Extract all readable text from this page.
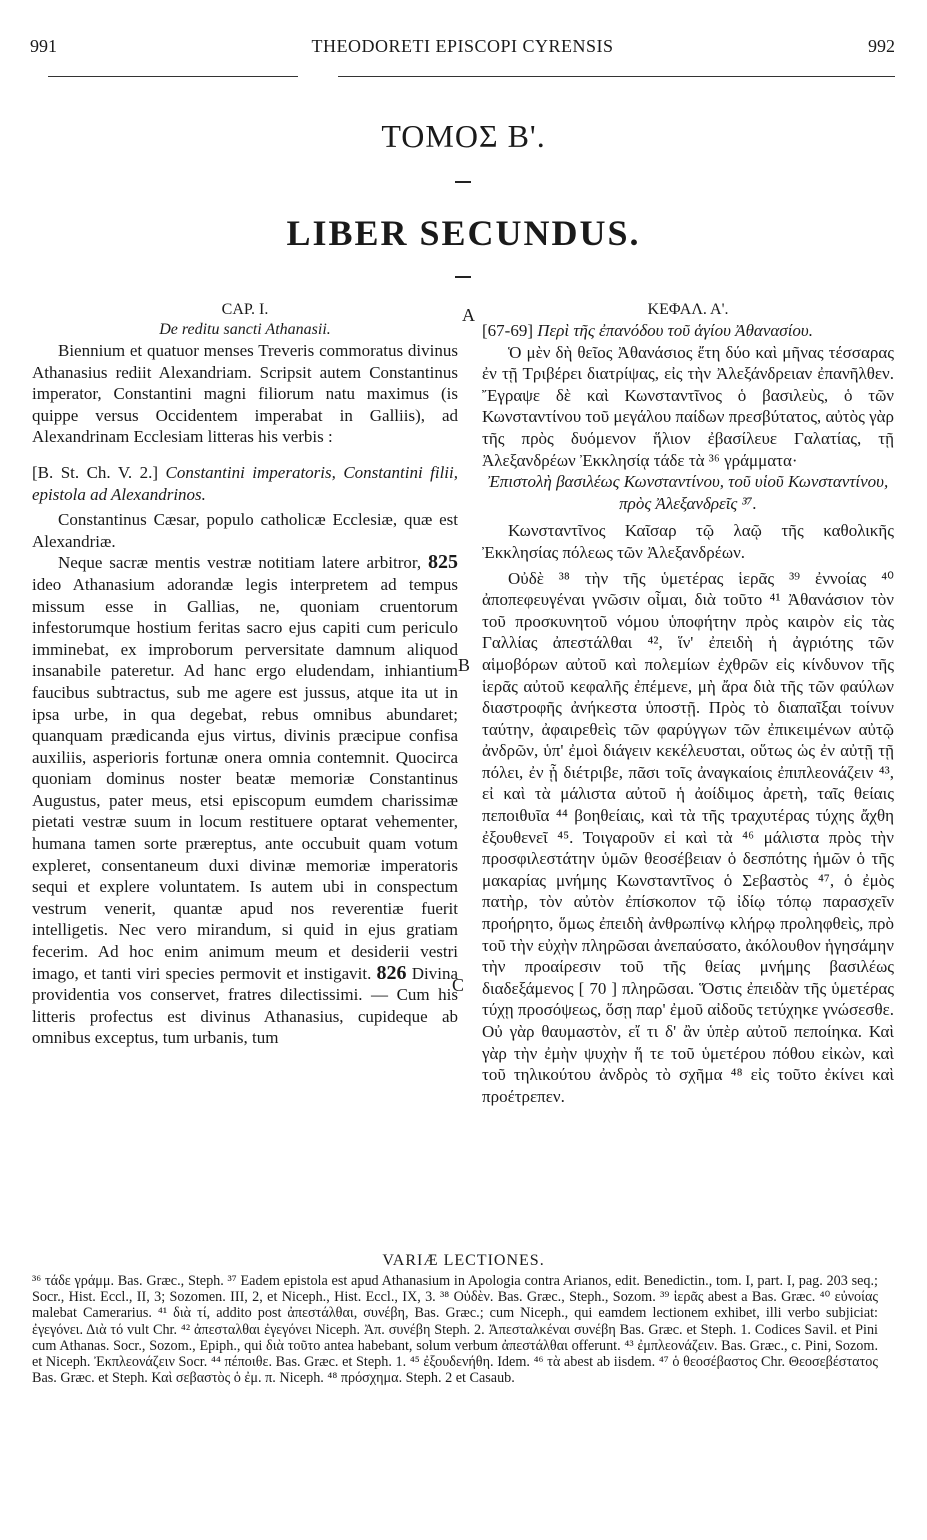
991	THEODORETI EPISCOPI CYRENSIS	992
ΤΟΜΟΣ Β'.
LIBER SECUNDUS.
A
B
C

CAP. I.

De reditu sancti Athanasii.

Biennium et quatuor menses Treveris commoratus divinus Athanasius rediit Alexandriam. Scripsit autem Constantinus imperator, Constantini magni filiorum natu maximus (is quippe versus Occidentem imperabat in Galliis), ad Alexandrinam Ecclesiam litteras his verbis :

[B. St. Ch. V. 2.] Constantini imperatoris, Constantini filii, epistola ad Alexandrinos.

Constantinus Cæsar, populo catholicæ Ecclesiæ, quæ est Alexandriæ.

Neque sacræ mentis vestræ notitiam latere arbitror, 825 ideo Athanasium adorandæ legis interpretem ad tempus missum esse in Gallias, ne, quoniam cruentorum infestorumque hostium feritas sacro ejus capiti cum periculo imminebat, ex improborum perversitate damnum aliquod insanabile pateretur. Ad hanc ergo eludendam, inhiantium faucibus subtractus, sub me agere est jussus, atque ita ut in ipsa urbe, in qua degebat, rebus omnibus abundaret; quanquam prædicanda ejus virtus, divinis præcipue confisa auxiliis, asperioris fortunæ onera omnia contemnit. Quocirca quoniam dominus noster beatæ memoriæ Constantinus Augustus, pater meus, etsi episcopum eumdem charissimæ pietati vestræ suum in locum restituere optarat vehementer, humana tamen sorte præreptus, ante occubuit quam votum expleret, consentaneum duxi divinæ memoriæ imperatoris sequi et explere voluntatem. Is autem ubi in conspectum vestrum venerit, quantæ apud nos reverentiæ fuerit intelligetis. Nec vero mirandum, si quid in ejus gratiam fecerim. Ad hoc enim animum meum et desiderii vestri imago, et tanti viri species permovit et instigavit. 826 Divina providentia vos conservet, fratres dilectissimi. — Cum his litteris profectus est divinus Athanasius, cupideque ab omnibus exceptus, tum urbanis, tum

ΚΕΦΑΛ. Α'.

[67-69] Περὶ τῆς ἐπανόδου τοῦ ἁγίου Ἀθανασίου.

Ὁ μὲν δὴ θεῖος Ἀθανάσιος ἔτη δύο καὶ μῆνας τέσσαρας ἐν τῇ Τριβέρει διατρίψας, εἰς τὴν Ἀλεξάνδρειαν ἐπανῆλθεν. Ἔγραψε δὲ καὶ Κωνσταντῖνος ὁ βασιλεὺς, ὁ τῶν Κωνσταντίνου τοῦ μεγάλου παίδων πρεσβύτατος, αὐτὸς γὰρ τῆς πρὸς δυόμενον ἥλιον ἐβασίλευε Γαλατίας, τῇ Ἀλεξανδρέων Ἐκκλησίᾳ τάδε τὰ ³⁶ γράμματα·

Ἐπιστολὴ βασιλέως Κωνσταντίνου, τοῦ υἱοῦ Κωνσταντίνου, πρὸς Ἀλεξανδρεῖς ³⁷.

Κωνσταντῖνος Καῖσαρ τῷ λαῷ τῆς καθολικῆς Ἐκκλησίας πόλεως τῶν Ἀλεξανδρέων.

Οὐδὲ ³⁸ τὴν τῆς ὑμετέρας ἱερᾶς ³⁹ ἐννοίας ⁴⁰ ἀποπεφευγέναι γνῶσιν οἶμαι, διὰ τοῦτο ⁴¹ Ἀθανάσιον τὸν τοῦ προσκυνητοῦ νόμου ὑποφήτην πρὸς καιρὸν εἰς τὰς Γαλλίας ἀπεστάλθαι ⁴², ἵν' ἐπειδὴ ἡ ἀγριότης τῶν αἱμοβόρων αὐτοῦ καὶ πολεμίων ἐχθρῶν εἰς κίνδυνον τῆς ἱερᾶς αὐτοῦ κεφαλῆς ἐπέμενε, μὴ ἄρα διὰ τῆς τῶν φαύλων διαστροφῆς ἀνήκεστα ὑποστῇ. Πρὸς τὸ διαπαῖξαι τοίνυν ταύτην, ἀφαιρεθεὶς τῶν φαρύγγων τῶν ἐπικειμένων αὐτῷ ἀνδρῶν, ὑπ' ἐμοὶ διάγειν κεκέλευσται, οὕτως ὡς ἐν αὐτῇ τῇ πόλει, ἐν ᾗ διέτριβε, πᾶσι τοῖς ἀναγκαίοις ἐπιπλεονάζειν ⁴³, εἰ καὶ τὰ μάλιστα αὐτοῦ ἡ ἀοίδιμος ἀρετὴ, ταῖς θείαις πεποιθυῖα ⁴⁴ βοηθείαις, καὶ τὰ τῆς τραχυτέρας τύχης ἄχθη ἐξουθενεῖ ⁴⁵. Τοιγαροῦν εἰ καὶ τὰ ⁴⁶ μάλιστα πρὸς τὴν προσφιλεστάτην ὑμῶν θεοσέβειαν ὁ δεσπότης ἡμῶν ὁ τῆς μακαρίας μνήμης Κωνσταντῖνος ὁ Σεβαστὸς ⁴⁷, ὁ ἐμὸς πατὴρ, τὸν αὐτὸν ἐπίσκοπον τῷ ἰδίῳ τόπῳ παρασχεῖν προήρητο, ὅμως ἐπειδὴ ἀνθρωπίνῳ κλήρῳ προληφθεὶς, πρὸ τοῦ τὴν εὐχὴν πληρῶσαι ἀνεπαύσατο, ἀκόλουθον ἡγησάμην τὴν προαίρεσιν τοῦ τῆς θείας μνήμης βασιλέως διαδεξάμενος [ 70 ] πληρῶσαι. Ὅστις ἐπειδὰν τῆς ὑμετέρας τύχῃ προσόψεως, ὅσῃ παρ' ἐμοῦ αἰδοῦς τετύχηκε γνώσεσθε. Οὐ γὰρ θαυμαστὸν, εἴ τι δ' ἂν ὑπὲρ αὐτοῦ πεποίηκα. Καὶ γὰρ τὴν ἐμὴν ψυχὴν ἥ τε τοῦ ὑμετέρου πόθου εἰκὼν, καὶ τοῦ τηλικούτου ἀνδρὸς τὸ σχῆμα ⁴⁸ εἰς τοῦτο ἐκίνει καὶ προέτρεπεν.

VARIÆ LECTIONES.

³⁶ τάδε γράμμ. Bas. Græc., Steph. ³⁷ Eadem epistola est apud Athanasium in Apologia contra Arianos, edit. Benedictin., tom. I, part. I, pag. 203 seq.; Socr., Hist. Eccl., II, 3; Sozomen. III, 2, et Niceph., Hist. Eccl., IX, 3. ³⁸ Οὐδὲν. Bas. Græc., Steph., Sozom. ³⁹ ἱερᾶς abest a Bas. Græc. ⁴⁰ εὐνοίας malebat Camerarius. ⁴¹ διὰ τί, addito post ἀπεστάλθαι, συνέβη, Bas. Græc.; cum Niceph., qui eamdem lectionem exhibet, illi verbo subjiciat: ἐγεγόνει. Διὰ τό vult Chr. ⁴² ἀπεσταλθαι ἐγεγόνει Niceph. Ἀπ. συνέβη Steph. 2. Ἀπεσταλκέναι συνέβη Bas. Græc. et Steph. 1. Codices Savil. et Pini cum Athanas. Socr., Sozom., Epiph., qui διὰ τοῦτο antea habebant, solum verbum ἀπεστάλθαι offerunt. ⁴³ ἐμπλεονάζειν. Bas. Græc., c. Pini, Sozom. et Niceph. Ἐκπλεονάζειν Socr. ⁴⁴ πέποιθε. Bas. Græc. et Steph. 1. ⁴⁵ ἐξουδενήθη. Idem. ⁴⁶ τὰ abest ab iisdem. ⁴⁷ ὁ θεοσέβαστος Chr. Θεοσεβέστατος Bas. Græc. et Steph. Καὶ σεβαστὸς ὁ ἐμ. π. Niceph. ⁴⁸ πρόσχημα. Steph. 2 et Casaub.
